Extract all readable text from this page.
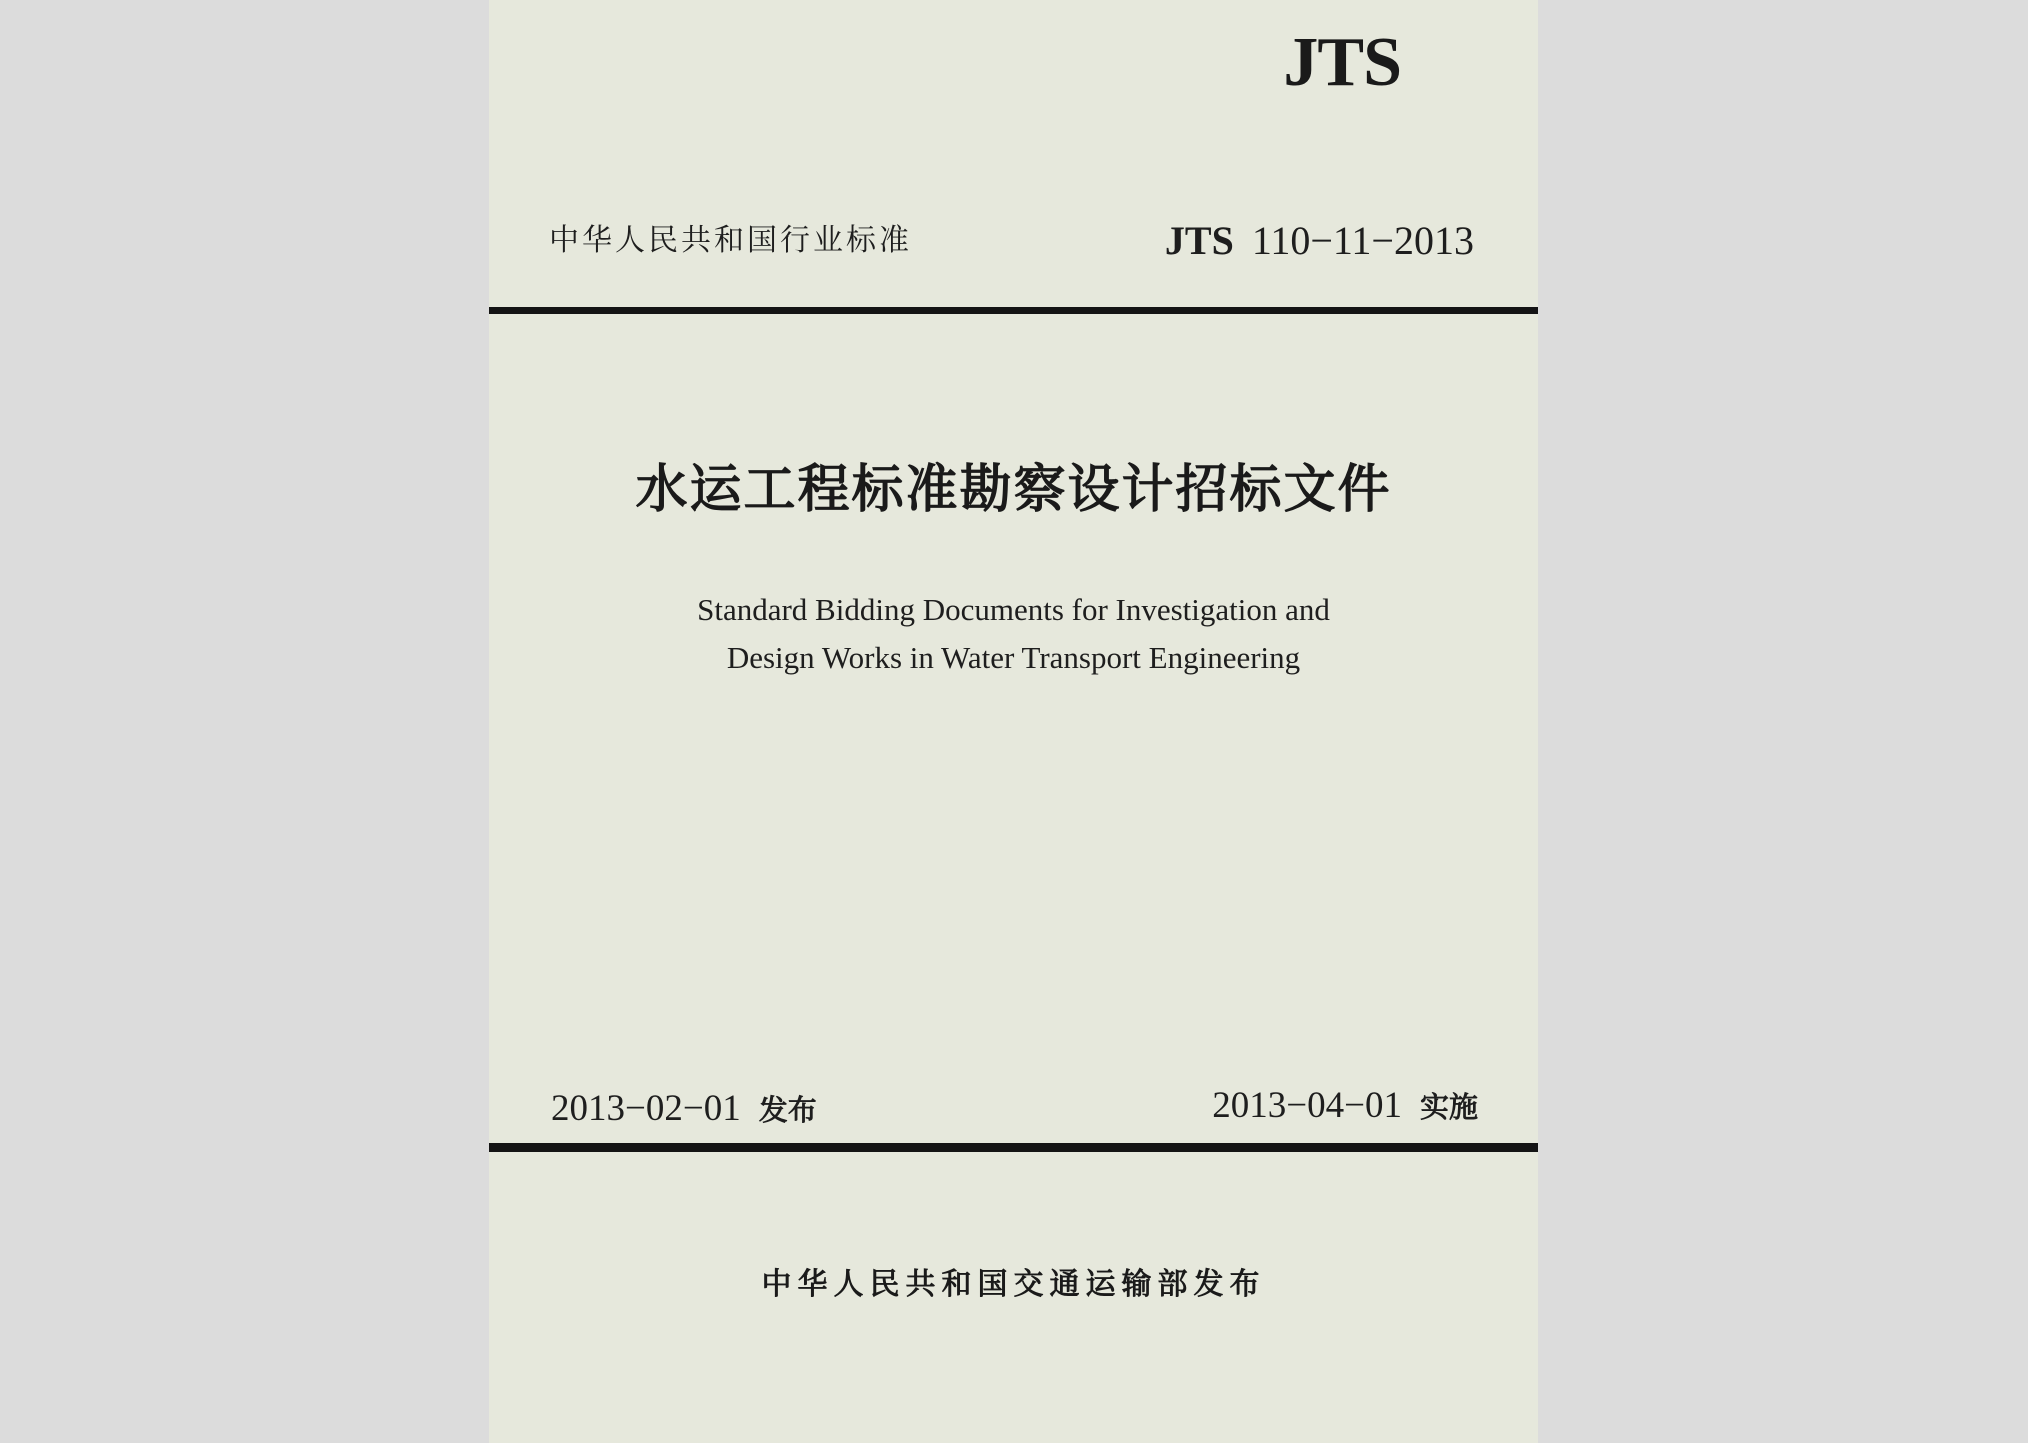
JTS
中华人民共和国行业标准	JTS 110−11−2013
水运工程标准勘察设计招标文件
Standard Bidding Documents for Investigation and
Design Works in Water Transport Engineering
2013−02−01 发布	2013−04−01 实施
中华人民共和国交通运输部发布
